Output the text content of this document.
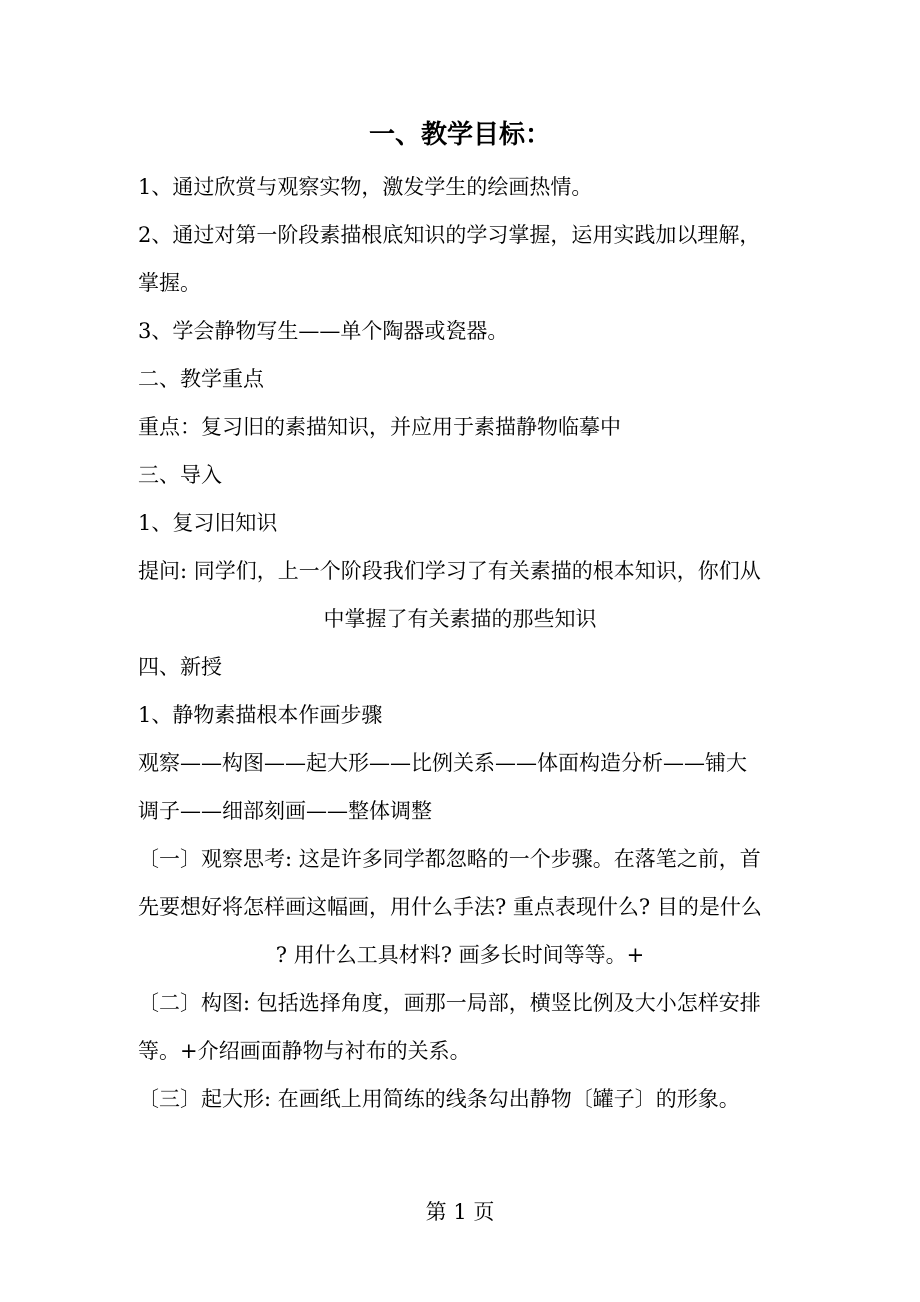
一、教学目标：
1、通过欣赏与观察实物，激发学生的绘画热情。
2、通过对第一阶段素描根底知识的学习掌握，运用实践加以理解，
掌握。
3、学会静物写生——单个陶器或瓷器。
二、教学重点
重点：复习旧的素描知识，并应用于素描静物临摹中
三、导入
1、复习旧知识
提问: 同学们，上一个阶段我们学习了有关素描的根本知识，你们从
中掌握了有关素描的那些知识
四、新授
1、静物素描根本作画步骤
观察——构图——起大形——比例关系——体面构造分析——铺大
调子——细部刻画——整体调整
〔一〕观察思考: 这是许多同学都忽略的一个步骤。在落笔之前，首
先要想好将怎样画这幅画，用什么手法? 重点表现什么? 目的是什么
? 用什么工具材料? 画多长时间等等。+
〔二〕构图: 包括选择角度，画那一局部，横竖比例及大小怎样安排
等。+介绍画面静物与衬布的关系。
〔三〕起大形: 在画纸上用简练的线条勾出静物〔罐子〕的形象。
第 1 页
